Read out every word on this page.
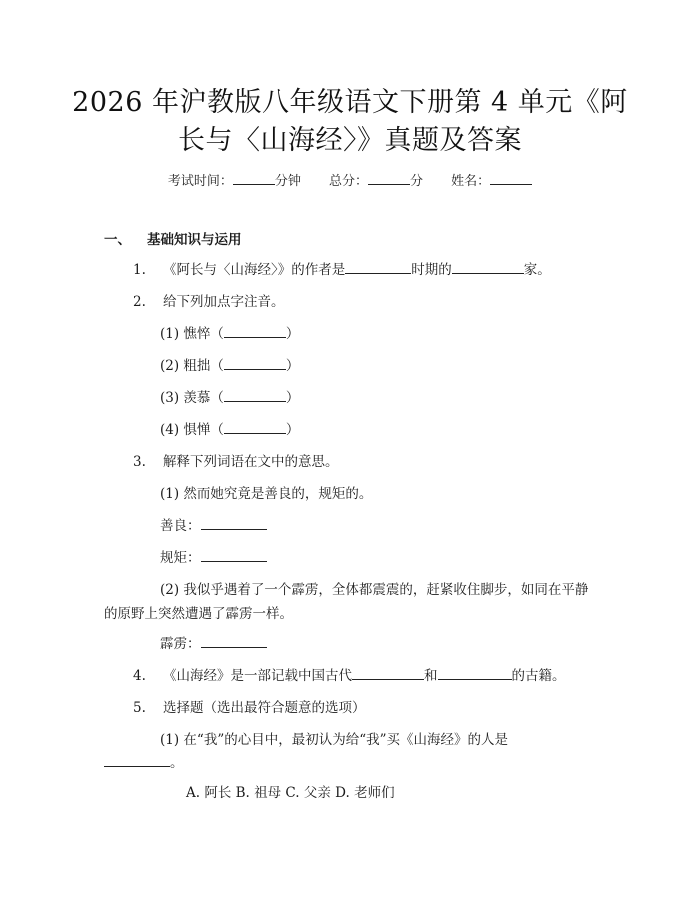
2026 年沪教版八年级语文下册第 4 单元《阿
长与〈山海经〉》真题及答案
考试时间：	分钟 总分：	分 姓名：
一、 基础知识与运用
1. 《阿长与〈山海经〉》的作者是	时期的	家。
2. 给下列加点字注音。
(1) 憔悴（	）
(2) 粗拙（	）
(3) 羡慕（	）
(4) 惧惮（	）
3. 解释下列词语在文中的意思。
(1) 然而她究竟是善良的，规矩的。
善良：
规矩：
(2) 我似乎遇着了一个霹雳，全体都震震的，赶紧收住脚步，如同在平静
的原野上突然遭遇了霹雳一样。
霹雳：
4. 《山海经》是一部记载中国古代	和	的古籍。
5. 选择题（选出最符合题意的选项）
(1) 在“我”的心目中，最初认为给“我”买《山海经》的人是
。
A. 阿长 B. 祖母 C. 父亲 D. 老师们
